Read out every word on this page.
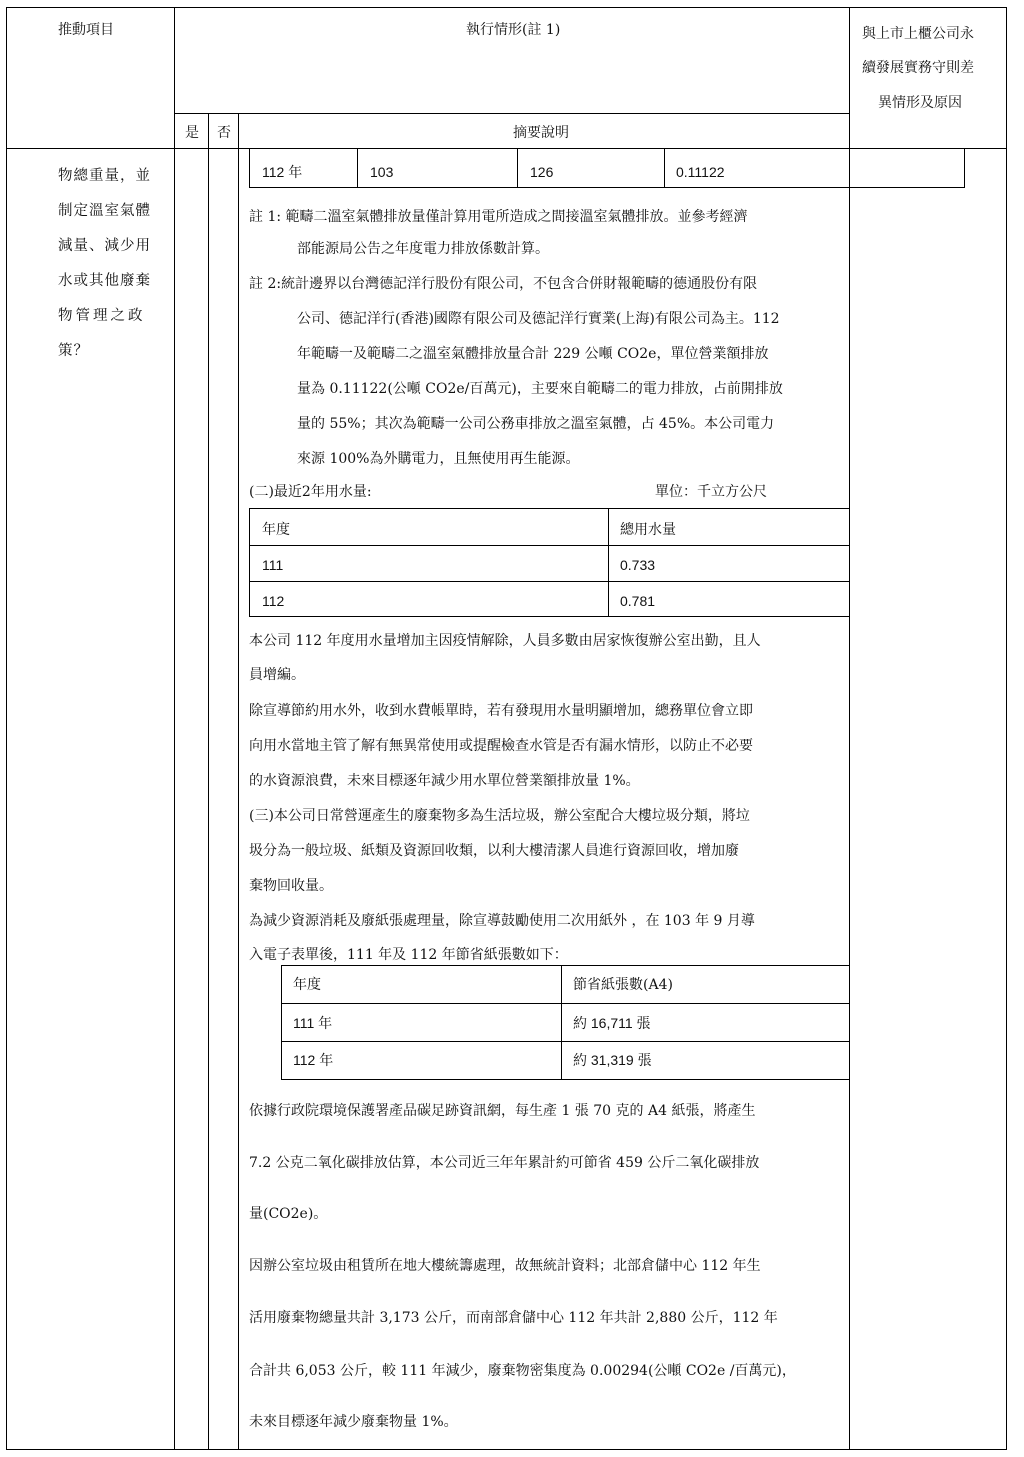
推動項目	執行情形(註 1)	與上市上櫃公司永
續發展實務守則差
異情形及原因
是 否	摘要說明
物總重量，並
制定溫室氣體
減量、減少用
水或其他廢棄
物管理之政
策？
112 年	103	126	0.11122
註 1: 範疇二溫室氣體排放量僅計算用電所造成之間接溫室氣體排放。並參考經濟
部能源局公告之年度電力排放係數計算。
註 2:統計邊界以台灣德記洋行股份有限公司，不包含合併財報範疇的德通股份有限
公司、德記洋行(香港)國際有限公司及德記洋行實業(上海)有限公司為主。112
年範疇一及範疇二之溫室氣體排放量合計 229 公噸 CO2e，單位營業額排放
量為 0.11122(公噸 CO2e/百萬元)，主要來自範疇二的電力排放，占前開排放
量的 55%；其次為範疇一公司公務車排放之溫室氣體，占 45%。本公司電力
來源 100%為外購電力，且無使用再生能源。
(二)最近2年用水量:	單位：千立方公尺
年度	總用水量
111	0.733
112	0.781
本公司 112 年度用水量增加主因疫情解除，人員多數由居家恢復辦公室出勤，且人
員增編。
除宣導節約用水外，收到水費帳單時，若有發現用水量明顯增加，總務單位會立即
向用水當地主管了解有無異常使用或提醒檢查水管是否有漏水情形，以防止不必要
的水資源浪費，未來目標逐年減少用水單位營業額排放量 1%。
(三)本公司日常營運產生的廢棄物多為生活垃圾，辦公室配合大樓垃圾分類，將垃
圾分為一般垃圾、紙類及資源回收類，以利大樓清潔人員進行資源回收，增加廢
棄物回收量。
為減少資源消耗及廢紙張處理量，除宣導鼓勵使用二次用紙外 ，在 103 年 9 月導
入電子表單後，111 年及 112 年節省紙張數如下：
年度	節省紙張數(A4)
111 年	約 16,711 張
112 年	約 31,319 張
依據行政院環境保護署產品碳足跡資訊網，每生產 1 張 70 克的 A4 紙張，將產生
7.2 公克二氧化碳排放估算，本公司近三年年累計約可節省 459 公斤二氧化碳排放
量(CO2e)。
因辦公室垃圾由租賃所在地大樓統籌處理，故無統計資料；北部倉儲中心 112 年生
活用廢棄物總量共計 3,173 公斤，而南部倉儲中心 112 年共計 2,880 公斤，112 年
合計共 6,053 公斤，較 111 年減少，廢棄物密集度為 0.00294(公噸 CO2e /百萬元)，
未來目標逐年減少廢棄物量 1%。
